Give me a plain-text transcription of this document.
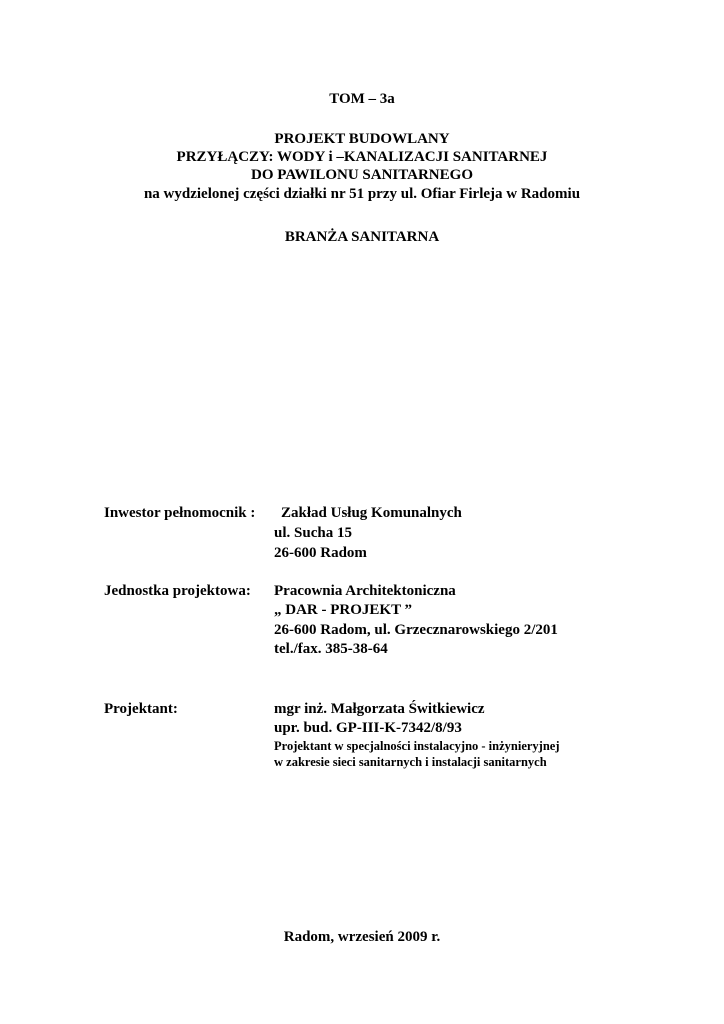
TOM – 3a
PROJEKT BUDOWLANY
PRZYŁĄCZY: WODY i –KANALIZACJI SANITARNEJ
DO PAWILONU SANITARNEGO
na wydzielonej części działki nr 51 przy ul. Ofiar Firleja w Radomiu
BRANŻA SANITARNA
Inwestor pełnomocnik : Zakład Usług Komunalnych
ul. Sucha 15
26-600 Radom
Jednostka projektowa: Pracownia Architektoniczna
„ DAR - PROJEKT ”
26-600 Radom, ul. Grzecznarowskiego 2/201
tel./fax. 385-38-64
Projektant:	mgr inż. Małgorzata Świtkiewicz
upr. bud. GP-III-K-7342/8/93
Projektant w specjalności instalacyjno - inżynieryjnej
w zakresie sieci sanitarnych i instalacji sanitarnych
Radom, wrzesień 2009 r.
